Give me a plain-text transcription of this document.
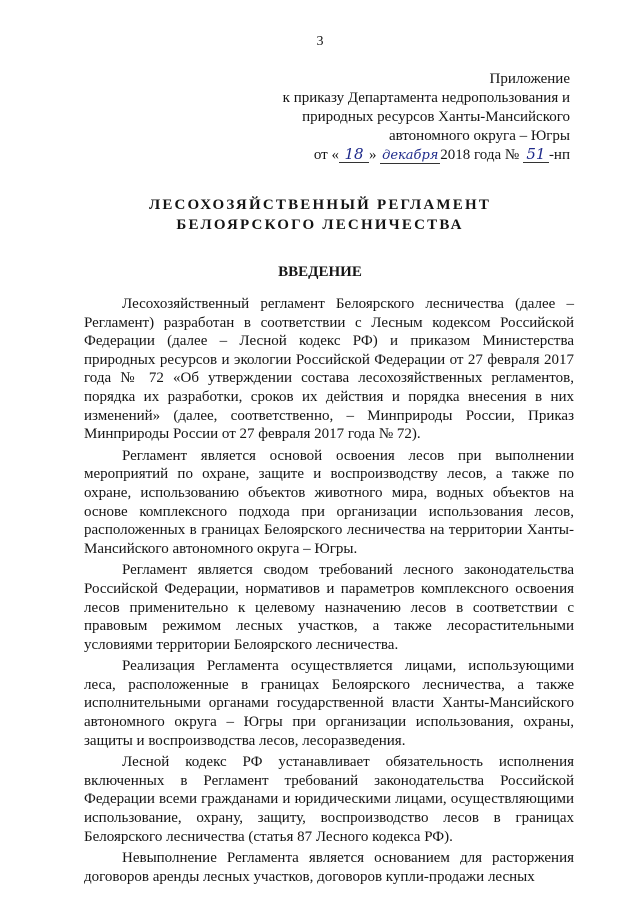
3
Приложение
к приказу Департамента недропользования и
природных ресурсов Ханты-Мансийского
автономного округа – Югры
от « 18 » декабря 2018 года № 51 -нп
ЛЕСОХОЗЯЙСТВЕННЫЙ РЕГЛАМЕНТ
БЕЛОЯРСКОГО ЛЕСНИЧЕСТВА
ВВЕДЕНИЕ

Лесохозяйственный регламент Белоярского лесничества (далее – Регламент) разработан в соответствии с Лесным кодексом Российской Федерации (далее – Лесной кодекс РФ) и приказом Министерства природных ресурсов и экологии Российской Федерации от 27 февраля 2017 года № 72 «Об утверждении состава лесохозяйственных регламентов, порядка их разработки, сроков их действия и порядка внесения в них изменений» (далее, соответственно, – Минприроды России, Приказ Минприроды России от 27 февраля 2017 года № 72).

Регламент является основой освоения лесов при выполнении мероприятий по охране, защите и воспроизводству лесов, а также по охране, использованию объектов животного мира, водных объектов на основе комплексного подхода при организации использования лесов, расположенных в границах Белоярского лесничества на территории Ханты-Мансийского автономного округа – Югры.

Регламент является сводом требований лесного законодательства Российской Федерации, нормативов и параметров комплексного освоения лесов применительно к целевому назначению лесов в соответствии с правовым режимом лесных участков, а также лесорастительными условиями территории Белоярского лесничества.

Реализация Регламента осуществляется лицами, использующими леса, расположенные в границах Белоярского лесничества, а также исполнительными органами государственной власти Ханты-Мансийского автономного округа – Югры при организации использования, охраны, защиты и воспроизводства лесов, лесоразведения.

Лесной кодекс РФ устанавливает обязательность исполнения включенных в Регламент требований законодательства Российской Федерации всеми гражданами и юридическими лицами, осуществляющими использование, охрану, защиту, воспроизводство лесов в границах Белоярского лесничества (статья 87 Лесного кодекса РФ).

Невыполнение Регламента является основанием для расторжения договоров аренды лесных участков, договоров купли-продажи лесных
